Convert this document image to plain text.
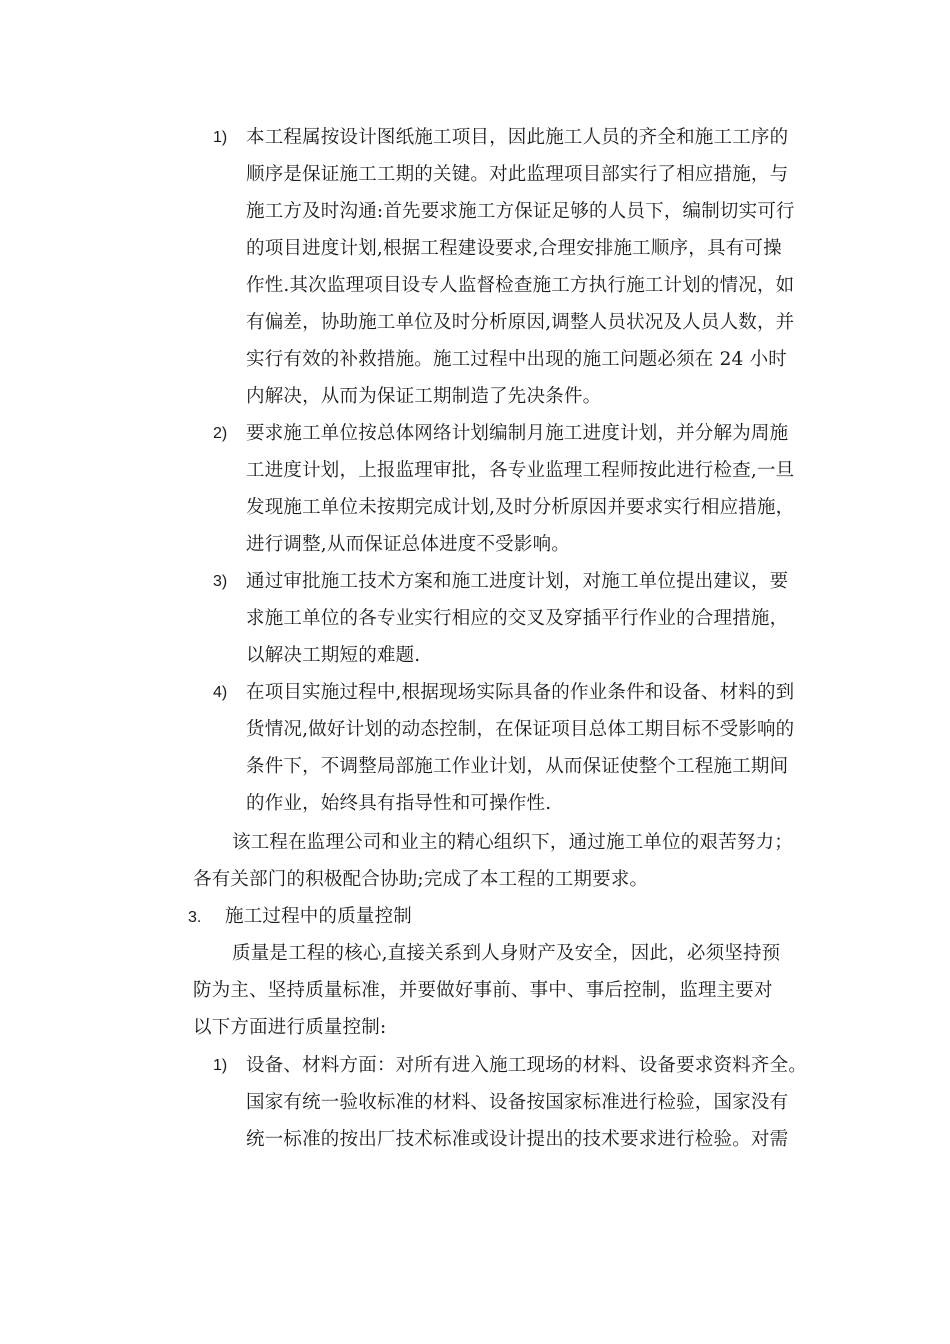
1) 本工程属按设计图纸施工项目，因此施工人员的齐全和施工工序的
顺序是保证施工工期的关键。对此监理项目部实行了相应措施，与
施工方及时沟通:首先要求施工方保证足够的人员下，编制切实可行
的项目进度计划,根据工程建设要求,合理安排施工顺序，具有可操
作性.其次监理项目设专人监督检查施工方执行施工计划的情况，如
有偏差，协助施工单位及时分析原因,调整人员状况及人员人数，并
实行有效的补救措施。施工过程中出现的施工问题必须在 24 小时
内解决，从而为保证工期制造了先决条件。
2) 要求施工单位按总体网络计划编制月施工进度计划，并分解为周施
工进度计划，上报监理审批，各专业监理工程师按此进行检查,一旦
发现施工单位未按期完成计划,及时分析原因并要求实行相应措施，
进行调整,从而保证总体进度不受影响。
3) 通过审批施工技术方案和施工进度计划，对施工单位提出建议，要
求施工单位的各专业实行相应的交叉及穿插平行作业的合理措施，
以解决工期短的难题.
4) 在项目实施过程中,根据现场实际具备的作业条件和设备、材料的到
货情况,做好计划的动态控制，在保证项目总体工期目标不受影响的
条件下，不调整局部施工作业计划，从而保证使整个工程施工期间
的作业，始终具有指导性和可操作性.
该工程在监理公司和业主的精心组织下，通过施工单位的艰苦努力；
各有关部门的积极配合协助;完成了本工程的工期要求。
3. 施工过程中的质量控制
质量是工程的核心,直接关系到人身财产及安全，因此，必须坚持预
防为主、坚持质量标准，并要做好事前、事中、事后控制，监理主要对
以下方面进行质量控制:
1) 设备、材料方面：对所有进入施工现场的材料、设备要求资料齐全。
国家有统一验收标准的材料、设备按国家标准进行检验，国家没有
统一标准的按出厂技术标准或设计提出的技术要求进行检验。对需
